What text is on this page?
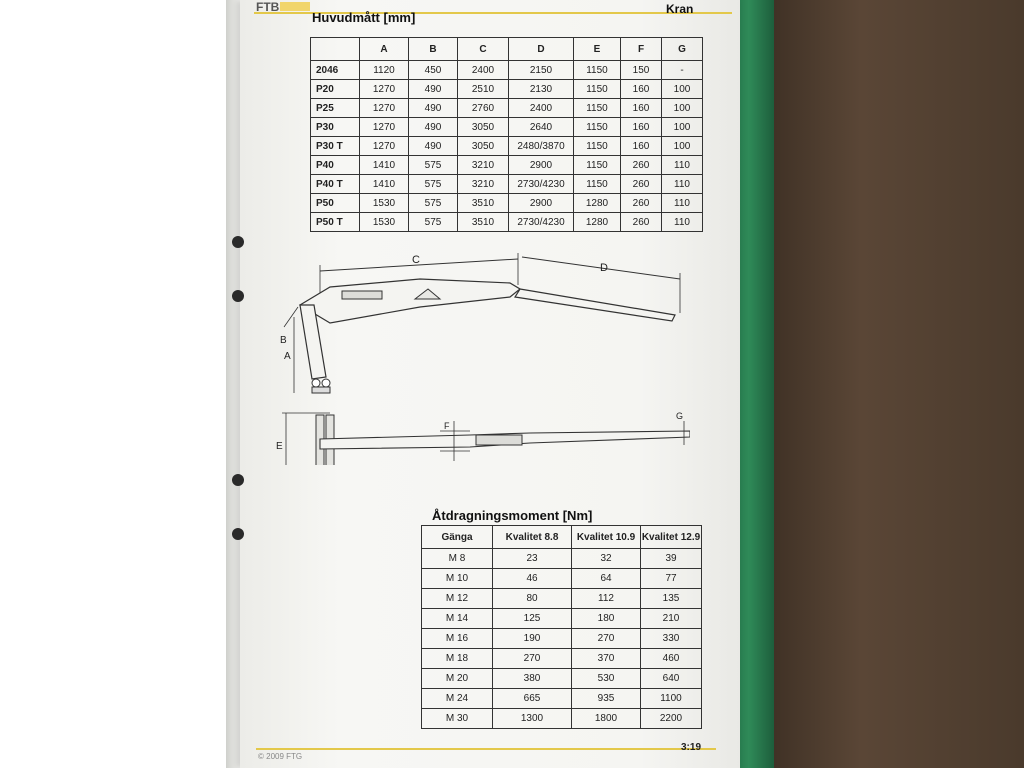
FTB	Kran
Huvudmått [mm]
	A	B	C	D	E	F	G
2046	1120	450	2400	2150	1150	150	-
P20	1270	490	2510	2130	1150	160	100
P25	1270	490	2760	2400	1150	160	100
P30	1270	490	3050	2640	1150	160	100
P30 T	1270	490	3050	2480/3870	1150	160	100
P40	1410	575	3210	2900	1150	260	110
P40 T	1410	575	3210	2730/4230	1150	260	110
P50	1530	575	3510	2900	1280	260	110
P50 T	1530	575	3510	2730/4230	1280	260	110
C
D
A
B
E
F
G
Åtdragningsmoment [Nm]
Gänga	Kvalitet 8.8	Kvalitet 10.9	Kvalitet 12.9
M 8	23	32	39
M 10	46	64	77
M 12	80	112	135
M 14	125	180	210
M 16	190	270	330
M 18	270	370	460
M 20	380	530	640
M 24	665	935	1100
M 30	1300	1800	2200
© 2009 FTG
3:19
